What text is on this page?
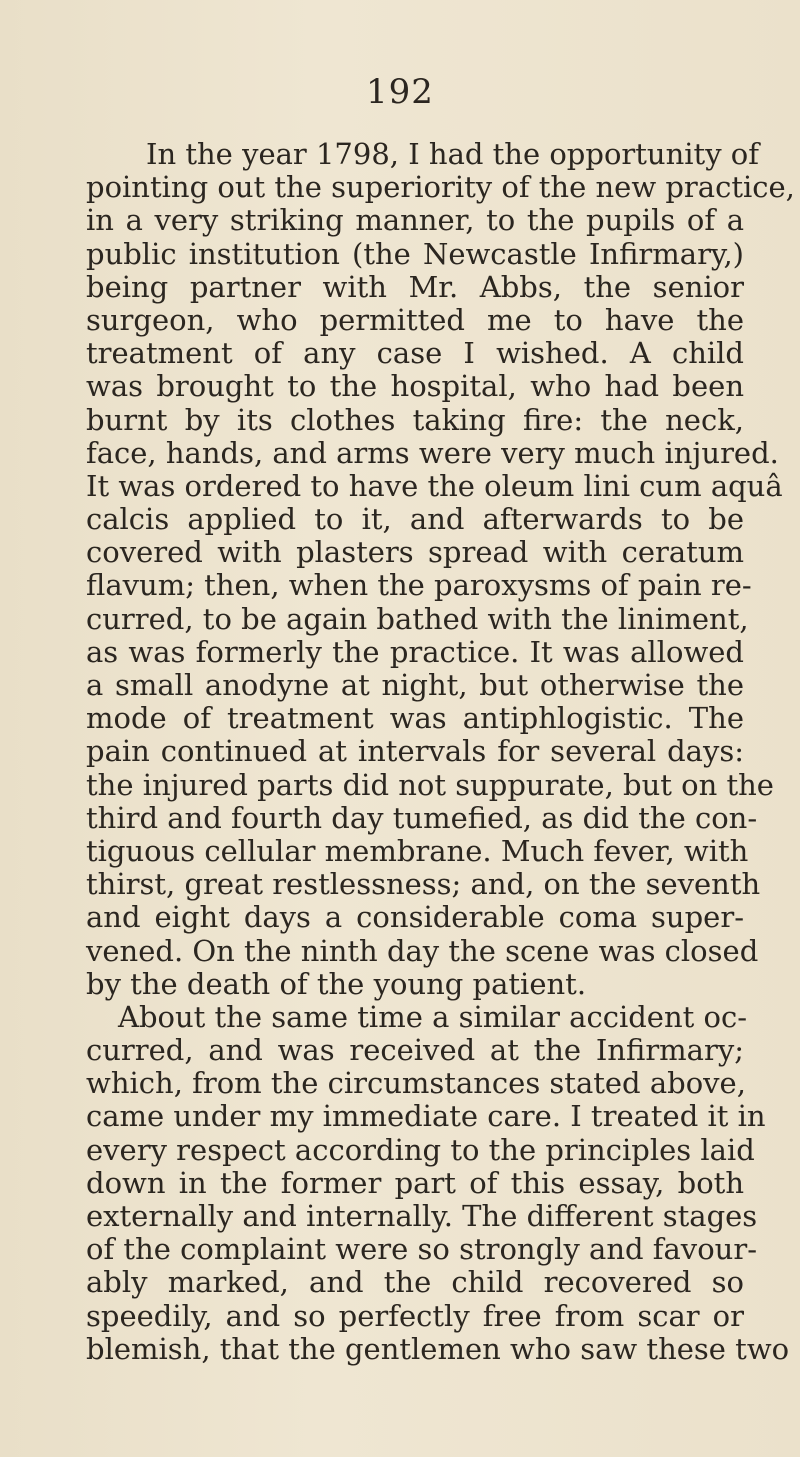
192
In the year 1798, I had the opportunity of
pointing out the superiority of the new practice,
in a very striking manner, to the pupils of a
public institution (the Newcastle Infirmary,)
being partner with Mr. Abbs, the senior
surgeon, who permitted me to have the
treatment of any case I wished. A child
was brought to the hospital, who had been
burnt by its clothes taking fire: the neck,
face, hands, and arms were very much injured.
It was ordered to have the oleum lini cum aquâ
calcis applied to it, and afterwards to be
covered with plasters spread with ceratum
flavum; then, when the paroxysms of pain re-
curred, to be again bathed with the liniment,
as was formerly the practice. It was allowed
a small anodyne at night, but otherwise the
mode of treatment was antiphlogistic. The
pain continued at intervals for several days:
the injured parts did not suppurate, but on the
third and fourth day tumefied, as did the con-
tiguous cellular membrane. Much fever, with
thirst, great restlessness; and, on the seventh
and eight days a considerable coma super-
vened. On the ninth day the scene was closed
by the death of the young patient.
About the same time a similar accident oc-
curred, and was received at the Infirmary;
which, from the circumstances stated above,
came under my immediate care. I treated it in
every respect according to the principles laid
down in the former part of this essay, both
externally and internally. The different stages
of the complaint were so strongly and favour-
ably marked, and the child recovered so
speedily, and so perfectly free from scar or
blemish, that the gentlemen who saw these two
